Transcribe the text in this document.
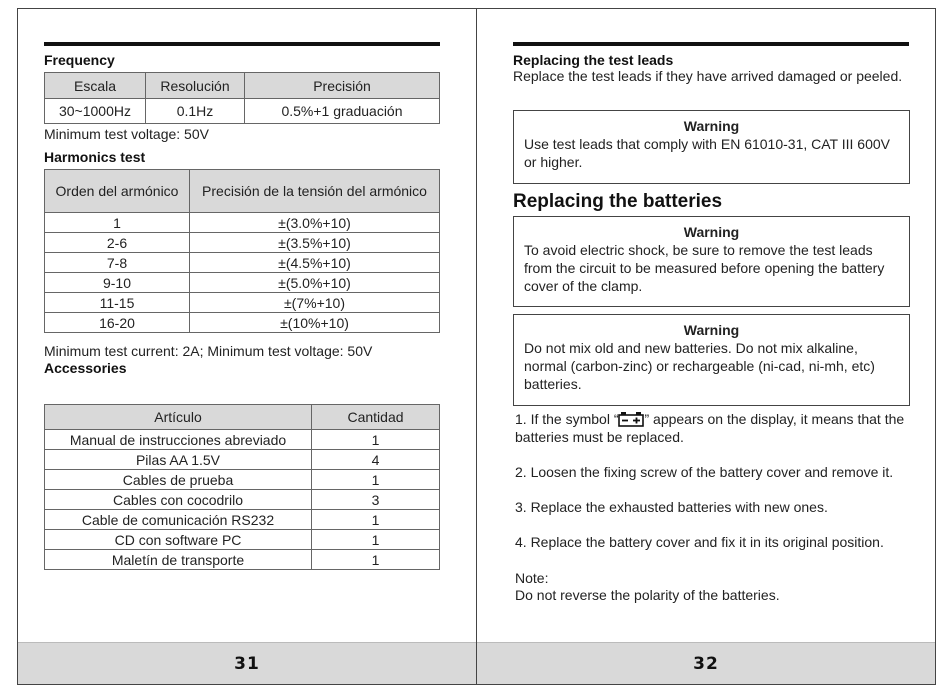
Frequency
Escala	Resolución	Precisión
30~1000Hz	0.1Hz	0.5%+1 graduación
Minimum test voltage: 50V
Harmonics test
Orden del armónico	Precisión de la tensión del armónico
1	±(3.0%+10)
2-6	±(3.5%+10)
7-8	±(4.5%+10)
9-10	±(5.0%+10)
11-15	±(7%+10)
16-20	±(10%+10)
Minimum test current: 2A; Minimum test voltage: 50V
Accessories
Artículo	Cantidad
Manual de instrucciones abreviado	1
Pilas AA 1.5V	4
Cables de prueba	1
Cables con cocodrilo	3
Cable de comunicación RS232	1
CD con software PC	1
Maletín de transporte	1
31
Replacing the test leads
Replace the test leads if they have arrived damaged or peeled.
Warning
Use test leads that comply with EN 61010-31, CAT III 600V or higher.
Replacing the batteries
Warning
To avoid electric shock, be sure to remove the test leads from the circuit to be measured before opening the battery cover of the clamp.
Warning
Do not mix old and new batteries. Do not mix alkaline, normal (carbon-zinc) or rechargeable (ni-cad, ni-mh, etc) batteries.
1. If the symbol “ ” appears on the display, it means that the batteries must be replaced.
2. Loosen the fixing screw of the battery cover and remove it.
3. Replace the exhausted batteries with new ones.
4. Replace the battery cover and fix it in its original position.
Note:
Do not reverse the polarity of the batteries.
32
